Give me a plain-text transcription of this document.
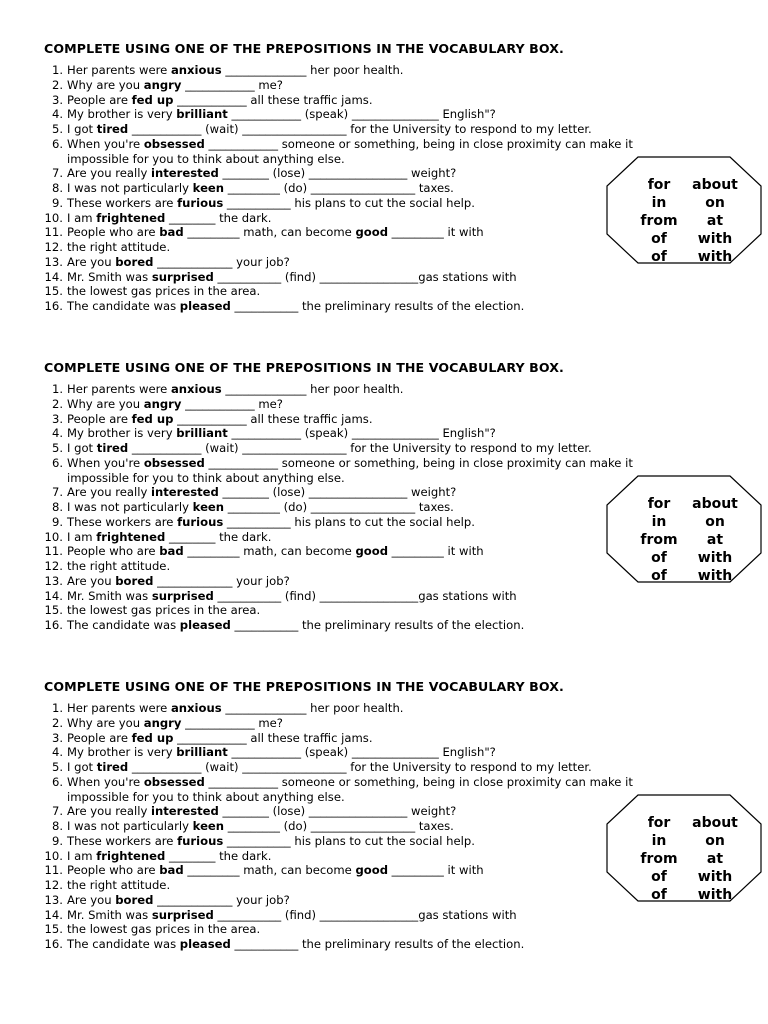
COMPLETE USING ONE OF THE PREPOSITIONS IN THE VOCABULARY BOX.
1. Her parents were anxious ______________ her poor health.
2. Why are you angry ____________ me?
3. People are fed up ____________ all these traffic jams.
4. My brother is very brilliant ____________ (speak) _______________ English"?
5. I got tired ____________ (wait) __________________ for the University to respond to my letter.
6. When you're obsessed ____________ someone or something, being in close proximity can make it
impossible for you to think about anything else.
7. Are you really interested ________ (lose) _________________ weight?
8. I was not particularly keen _________ (do) __________________ taxes.
9. These workers are furious ___________ his plans to cut the social help.
10. I am frightened ________ the dark.
11. People who are bad _________ math, can become good _________ it with
12. the right attitude.
13. Are you bored _____________ your job?
14. Mr. Smith was surprised ___________ (find) _________________gas stations with
15. the lowest gas prices in the area.
16. The candidate was pleased ___________ the preliminary results of the election.
for	about
in	on
from	at
of	with
of	with
COMPLETE USING ONE OF THE PREPOSITIONS IN THE VOCABULARY BOX.
1. Her parents were anxious ______________ her poor health.
2. Why are you angry ____________ me?
3. People are fed up ____________ all these traffic jams.
4. My brother is very brilliant ____________ (speak) _______________ English"?
5. I got tired ____________ (wait) __________________ for the University to respond to my letter.
6. When you're obsessed ____________ someone or something, being in close proximity can make it
impossible for you to think about anything else.
7. Are you really interested ________ (lose) _________________ weight?
8. I was not particularly keen _________ (do) __________________ taxes.
9. These workers are furious ___________ his plans to cut the social help.
10. I am frightened ________ the dark.
11. People who are bad _________ math, can become good _________ it with
12. the right attitude.
13. Are you bored _____________ your job?
14. Mr. Smith was surprised ___________ (find) _________________gas stations with
15. the lowest gas prices in the area.
16. The candidate was pleased ___________ the preliminary results of the election.
for	about
in	on
from	at
of	with
of	with
COMPLETE USING ONE OF THE PREPOSITIONS IN THE VOCABULARY BOX.
1. Her parents were anxious ______________ her poor health.
2. Why are you angry ____________ me?
3. People are fed up ____________ all these traffic jams.
4. My brother is very brilliant ____________ (speak) _______________ English"?
5. I got tired ____________ (wait) __________________ for the University to respond to my letter.
6. When you're obsessed ____________ someone or something, being in close proximity can make it
impossible for you to think about anything else.
7. Are you really interested ________ (lose) _________________ weight?
8. I was not particularly keen _________ (do) __________________ taxes.
9. These workers are furious ___________ his plans to cut the social help.
10. I am frightened ________ the dark.
11. People who are bad _________ math, can become good _________ it with
12. the right attitude.
13. Are you bored _____________ your job?
14. Mr. Smith was surprised ___________ (find) _________________gas stations with
15. the lowest gas prices in the area.
16. The candidate was pleased ___________ the preliminary results of the election.
for	about
in	on
from	at
of	with
of	with
